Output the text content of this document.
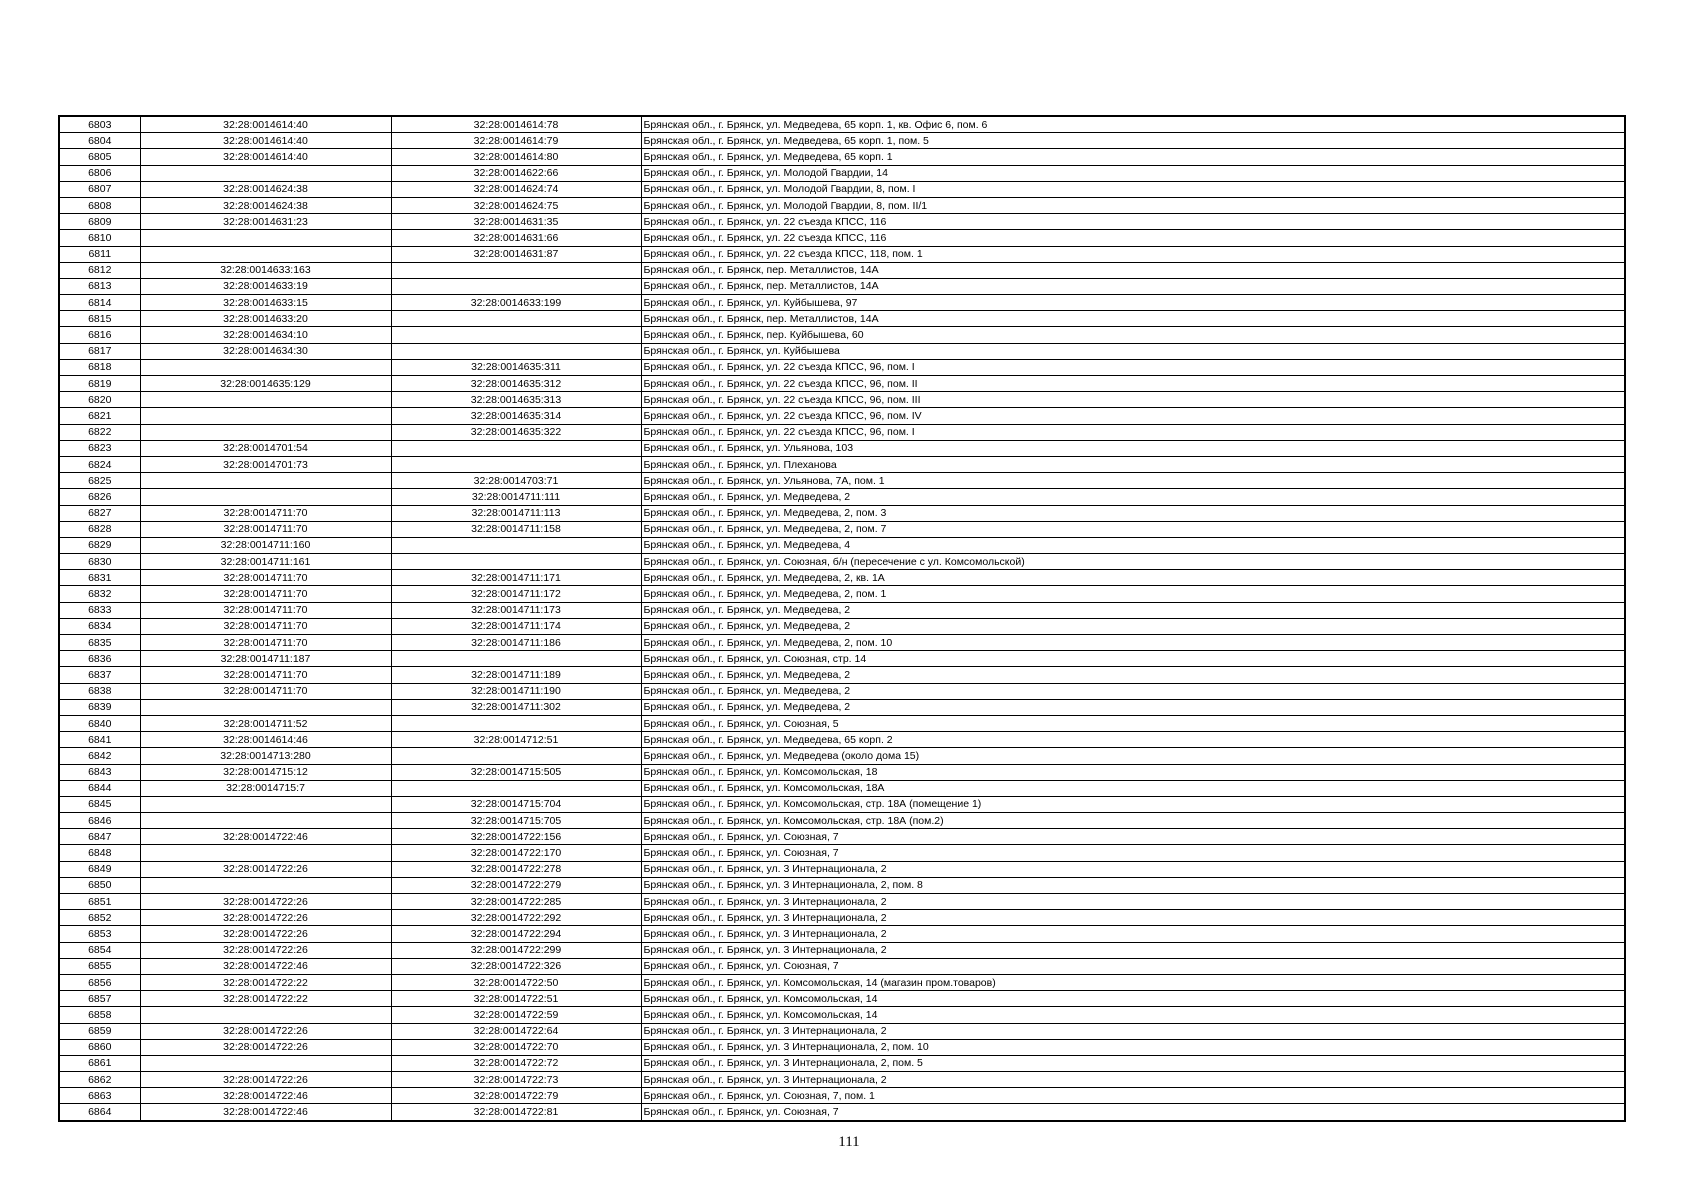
6803	32:28:0014614:40	32:28:0014614:78	Брянская обл., г. Брянск, ул. Медведева, 65 корп. 1, кв. Офис 6, пом. 6
6804	32:28:0014614:40	32:28:0014614:79	Брянская обл., г. Брянск, ул. Медведева, 65 корп. 1, пом. 5
6805	32:28:0014614:40	32:28:0014614:80	Брянская обл., г. Брянск, ул. Медведева, 65 корп. 1
6806		32:28:0014622:66	Брянская обл., г. Брянск, ул. Молодой Гвардии, 14
6807	32:28:0014624:38	32:28:0014624:74	Брянская обл., г. Брянск, ул. Молодой Гвардии, 8, пом. I
6808	32:28:0014624:38	32:28:0014624:75	Брянская обл., г. Брянск, ул. Молодой Гвардии, 8, пом. II/1
6809	32:28:0014631:23	32:28:0014631:35	Брянская обл., г. Брянск, ул. 22 съезда КПСС, 116
6810		32:28:0014631:66	Брянская обл., г. Брянск, ул. 22 съезда КПСС, 116
6811		32:28:0014631:87	Брянская обл., г. Брянск, ул. 22 съезда КПСС, 118, пом. 1
6812	32:28:0014633:163		Брянская обл., г. Брянск, пер. Металлистов, 14А
6813	32:28:0014633:19		Брянская обл., г. Брянск, пер. Металлистов, 14А
6814	32:28:0014633:15	32:28:0014633:199	Брянская обл., г. Брянск, ул. Куйбышева, 97
6815	32:28:0014633:20		Брянская обл., г. Брянск, пер. Металлистов, 14А
6816	32:28:0014634:10		Брянская обл., г. Брянск, пер. Куйбышева, 60
6817	32:28:0014634:30		Брянская обл., г. Брянск, ул. Куйбышева
6818		32:28:0014635:311	Брянская обл., г. Брянск, ул. 22 съезда КПСС, 96, пом. I
6819	32:28:0014635:129	32:28:0014635:312	Брянская обл., г. Брянск, ул. 22 съезда КПСС, 96, пом. II
6820		32:28:0014635:313	Брянская обл., г. Брянск, ул. 22 съезда КПСС, 96, пом. III
6821		32:28:0014635:314	Брянская обл., г. Брянск, ул. 22 съезда КПСС, 96, пом. IV
6822		32:28:0014635:322	Брянская обл., г. Брянск, ул. 22 съезда КПСС, 96, пом. I
6823	32:28:0014701:54		Брянская обл., г. Брянск, ул. Ульянова, 103
6824	32:28:0014701:73		Брянская обл., г. Брянск, ул. Плеханова
6825		32:28:0014703:71	Брянская обл., г. Брянск, ул. Ульянова, 7А, пом. 1
6826		32:28:0014711:111	Брянская обл., г. Брянск, ул. Медведева, 2
6827	32:28:0014711:70	32:28:0014711:113	Брянская обл., г. Брянск, ул. Медведева, 2, пом. 3
6828	32:28:0014711:70	32:28:0014711:158	Брянская обл., г. Брянск, ул. Медведева, 2, пом. 7
6829	32:28:0014711:160		Брянская обл., г. Брянск, ул. Медведева, 4
6830	32:28:0014711:161		Брянская обл., г. Брянск, ул. Союзная, б/н (пересечение с ул. Комсомольской)
6831	32:28:0014711:70	32:28:0014711:171	Брянская обл., г. Брянск, ул. Медведева, 2, кв. 1А
6832	32:28:0014711:70	32:28:0014711:172	Брянская обл., г. Брянск, ул. Медведева, 2, пом. 1
6833	32:28:0014711:70	32:28:0014711:173	Брянская обл., г. Брянск, ул. Медведева, 2
6834	32:28:0014711:70	32:28:0014711:174	Брянская обл., г. Брянск, ул. Медведева, 2
6835	32:28:0014711:70	32:28:0014711:186	Брянская обл., г. Брянск, ул. Медведева, 2, пом. 10
6836	32:28:0014711:187		Брянская обл., г. Брянск, ул. Союзная, стр. 14
6837	32:28:0014711:70	32:28:0014711:189	Брянская обл., г. Брянск, ул. Медведева, 2
6838	32:28:0014711:70	32:28:0014711:190	Брянская обл., г. Брянск, ул. Медведева, 2
6839		32:28:0014711:302	Брянская обл., г. Брянск, ул. Медведева, 2
6840	32:28:0014711:52		Брянская обл., г. Брянск, ул. Союзная, 5
6841	32:28:0014614:46	32:28:0014712:51	Брянская обл., г. Брянск, ул. Медведева, 65 корп. 2
6842	32:28:0014713:280		Брянская обл., г. Брянск, ул. Медведева (около дома 15)
6843	32:28:0014715:12	32:28:0014715:505	Брянская обл., г. Брянск, ул. Комсомольская, 18
6844	32:28:0014715:7		Брянская обл., г. Брянск, ул. Комсомольская, 18А
6845		32:28:0014715:704	Брянская обл., г. Брянск, ул. Комсомольская, стр. 18А (помещение 1)
6846		32:28:0014715:705	Брянская обл., г. Брянск, ул. Комсомольская, стр. 18А (пом.2)
6847	32:28:0014722:46	32:28:0014722:156	Брянская обл., г. Брянск, ул. Союзная, 7
6848		32:28:0014722:170	Брянская обл., г. Брянск, ул. Союзная, 7
6849	32:28:0014722:26	32:28:0014722:278	Брянская обл., г. Брянск, ул. 3 Интернационала, 2
6850		32:28:0014722:279	Брянская обл., г. Брянск, ул. 3 Интернационала, 2, пом. 8
6851	32:28:0014722:26	32:28:0014722:285	Брянская обл., г. Брянск, ул. 3 Интернационала, 2
6852	32:28:0014722:26	32:28:0014722:292	Брянская обл., г. Брянск, ул. 3 Интернационала, 2
6853	32:28:0014722:26	32:28:0014722:294	Брянская обл., г. Брянск, ул. 3 Интернационала, 2
6854	32:28:0014722:26	32:28:0014722:299	Брянская обл., г. Брянск, ул. 3 Интернационала, 2
6855	32:28:0014722:46	32:28:0014722:326	Брянская обл., г. Брянск, ул. Союзная, 7
6856	32:28:0014722:22	32:28:0014722:50	Брянская обл., г. Брянск, ул. Комсомольская, 14 (магазин пром.товаров)
6857	32:28:0014722:22	32:28:0014722:51	Брянская обл., г. Брянск, ул. Комсомольская, 14
6858		32:28:0014722:59	Брянская обл., г. Брянск, ул. Комсомольская, 14
6859	32:28:0014722:26	32:28:0014722:64	Брянская обл., г. Брянск, ул. 3 Интернационала, 2
6860	32:28:0014722:26	32:28:0014722:70	Брянская обл., г. Брянск, ул. 3 Интернационала, 2, пом. 10
6861		32:28:0014722:72	Брянская обл., г. Брянск, ул. 3 Интернационала, 2, пом. 5
6862	32:28:0014722:26	32:28:0014722:73	Брянская обл., г. Брянск, ул. 3 Интернационала, 2
6863	32:28:0014722:46	32:28:0014722:79	Брянская обл., г. Брянск, ул. Союзная, 7, пом. 1
6864	32:28:0014722:46	32:28:0014722:81	Брянская обл., г. Брянск, ул. Союзная, 7
111
